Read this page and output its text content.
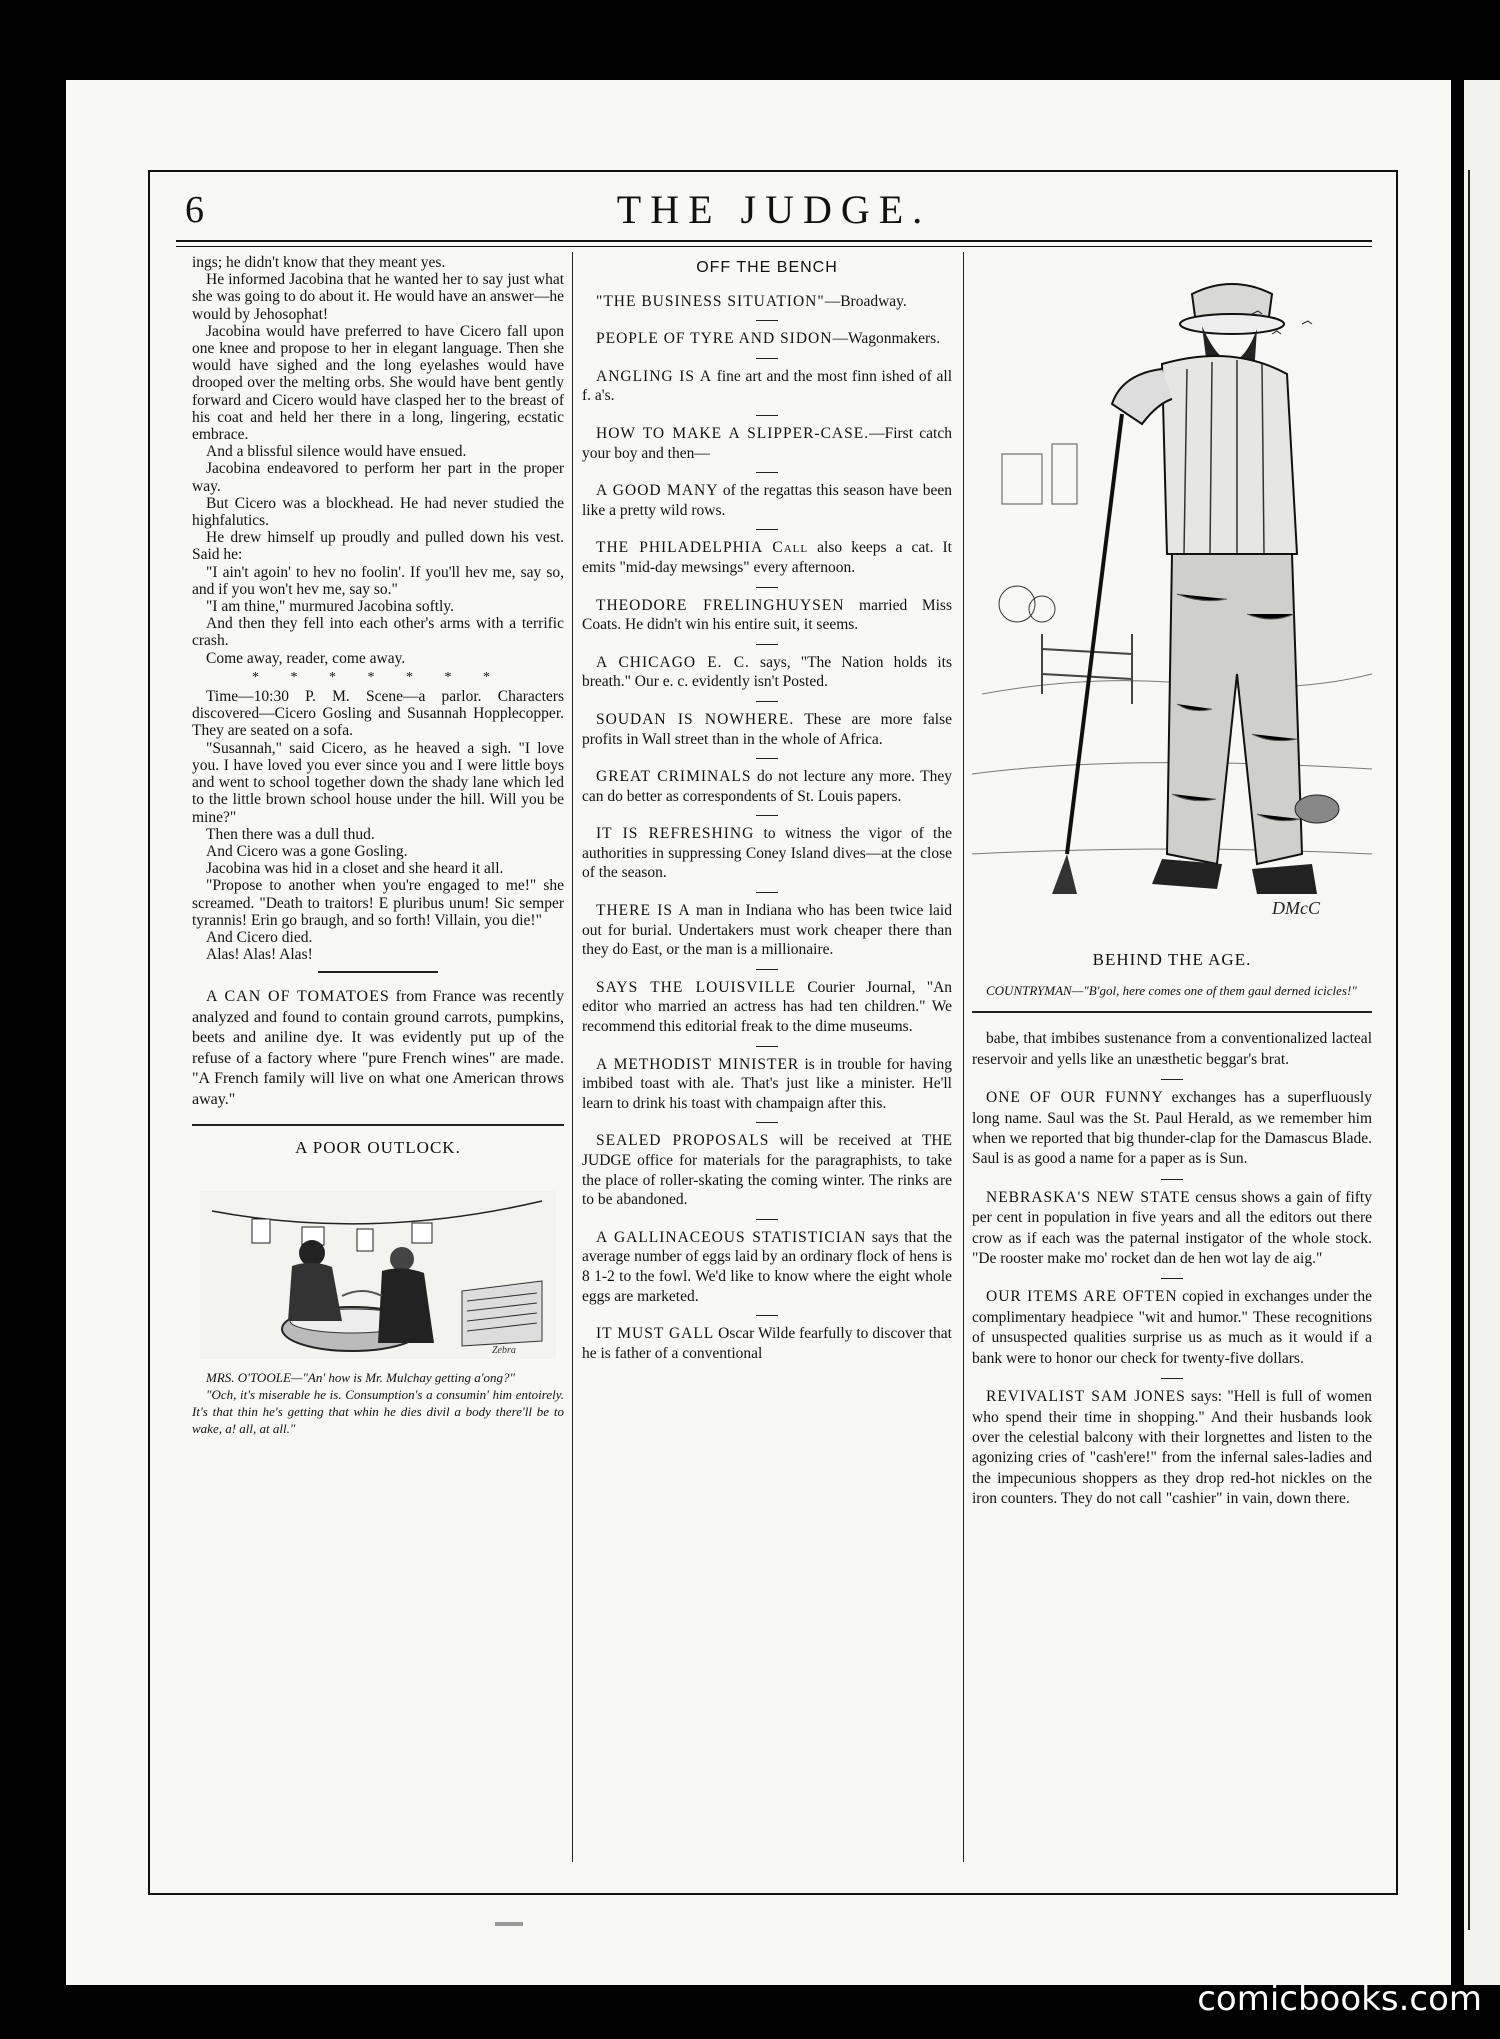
6	THE JUDGE.

ings; he didn't know that they meant yes.

He informed Jacobina that he wanted her to say just what she was going to do about it. He would have an answer—he would by Jehosophat!

Jacobina would have preferred to have Cicero fall upon one knee and propose to her in elegant language. Then she would have sighed and the long eyelashes would have drooped over the melting orbs. She would have bent gently forward and Cicero would have clasped her to the breast of his coat and held her there in a long, lingering, ecstatic embrace.

And a blissful silence would have ensued.

Jacobina endeavored to perform her part in the proper way.

But Cicero was a blockhead. He had never studied the highfalutics.

He drew himself up proudly and pulled down his vest. Said he:

"I ain't agoin' to hev no foolin'. If you'll hev me, say so, and if you won't hev me, say so."

"I am thine," murmured Jacobina softly.

And then they fell into each other's arms with a terrific crash.

Come away, reader, come away.

* * * * * * *

Time—10:30 P. M. Scene—a parlor. Characters discovered—Cicero Gosling and Susannah Hopplecopper. They are seated on a sofa.

"Susannah," said Cicero, as he heaved a sigh. "I love you. I have loved you ever since you and I were little boys and went to school together down the shady lane which led to the little brown school house under the hill. Will you be mine?"

Then there was a dull thud.

And Cicero was a gone Gosling.

Jacobina was hid in a closet and she heard it all.

"Propose to another when you're engaged to me!" she screamed. "Death to traitors! E pluribus unum! Sic semper tyrannis! Erin go braugh, and so forth! Villain, you die!"

And Cicero died.

Alas! Alas! Alas!

A CAN OF TOMATOES from France was recently analyzed and found to contain ground carrots, pumpkins, beets and aniline dye. It was evidently put up of the refuse of a factory where "pure French wines" are made. "A French family will live on what one American throws away."

A POOR OUTLOCK.
Zebra

MRS. O'TOOLE—"An' how is Mr. Mulchay getting a'ong?"

"Och, it's miserable he is. Consumption's a consumin' him entoirely. It's that thin he's getting that whin he dies divil a body there'll be to wake, a! all, at all."

OFF THE BENCH

"THE BUSINESS SITUATION"—Broadway.

PEOPLE OF TYRE AND SIDON—Wagonmakers.

ANGLING IS A fine art and the most finn ished of all f. a's.

HOW TO MAKE A SLIPPER-CASE.—First catch your boy and then—

A GOOD MANY of the regattas this season have been like a pretty wild rows.

THE PHILADELPHIA Call also keeps a cat. It emits "mid-day mewsings" every afternoon.

THEODORE FRELINGHUYSEN married Miss Coats. He didn't win his entire suit, it seems.

A CHICAGO E. C. says, "The Nation holds its breath." Our e. c. evidently isn't Posted.

SOUDAN IS NOWHERE. These are more false profits in Wall street than in the whole of Africa.

GREAT CRIMINALS do not lecture any more. They can do better as correspondents of St. Louis papers.

IT IS REFRESHING to witness the vigor of the authorities in suppressing Coney Island dives—at the close of the season.

THERE IS A man in Indiana who has been twice laid out for burial. Undertakers must work cheaper there than they do East, or the man is a millionaire.

SAYS THE LOUISVILLE Courier Journal, "An editor who married an actress has had ten children." We recommend this editorial freak to the dime museums.

A METHODIST MINISTER is in trouble for having imbibed toast with ale. That's just like a minister. He'll learn to drink his toast with champaign after this.

SEALED PROPOSALS will be received at THE JUDGE office for materials for the paragraphists, to take the place of roller-skating the coming winter. The rinks are to be abandoned.

A GALLINACEOUS STATISTICIAN says that the average number of eggs laid by an ordinary flock of hens is 8 1-2 to the fowl. We'd like to know where the eight whole eggs are marketed.

IT MUST GALL Oscar Wilde fearfully to discover that he is father of a conventional

DMcC
BEHIND THE AGE.

COUNTRYMAN—"B'gol, here comes one of them gaul derned icicles!"

babe, that imbibes sustenance from a conventionalized lacteal reservoir and yells like an unæsthetic beggar's brat.

ONE OF OUR FUNNY exchanges has a superfluously long name. Saul was the St. Paul Herald, as we remember him when we reported that big thunder-clap for the Damascus Blade. Saul is as good a name for a paper as is Sun.

NEBRASKA'S NEW STATE census shows a gain of fifty per cent in population in five years and all the editors out there crow as if each was the paternal instigator of the whole stock. "De rooster make mo' rocket dan de hen wot lay de aig."

OUR ITEMS ARE OFTEN copied in exchanges under the complimentary headpiece "wit and humor." These recognitions of unsuspected qualities surprise us as much as it would if a bank were to honor our check for twenty-five dollars.

REVIVALIST SAM JONES says: "Hell is full of women who spend their time in shopping." And their husbands look over the celestial balcony with their lorgnettes and listen to the agonizing cries of "cash'ere!" from the infernal sales-ladies and the impecunious shoppers as they drop red-hot nickles on the iron counters. They do not call "cashier" in vain, down there.

comicbooks.com
